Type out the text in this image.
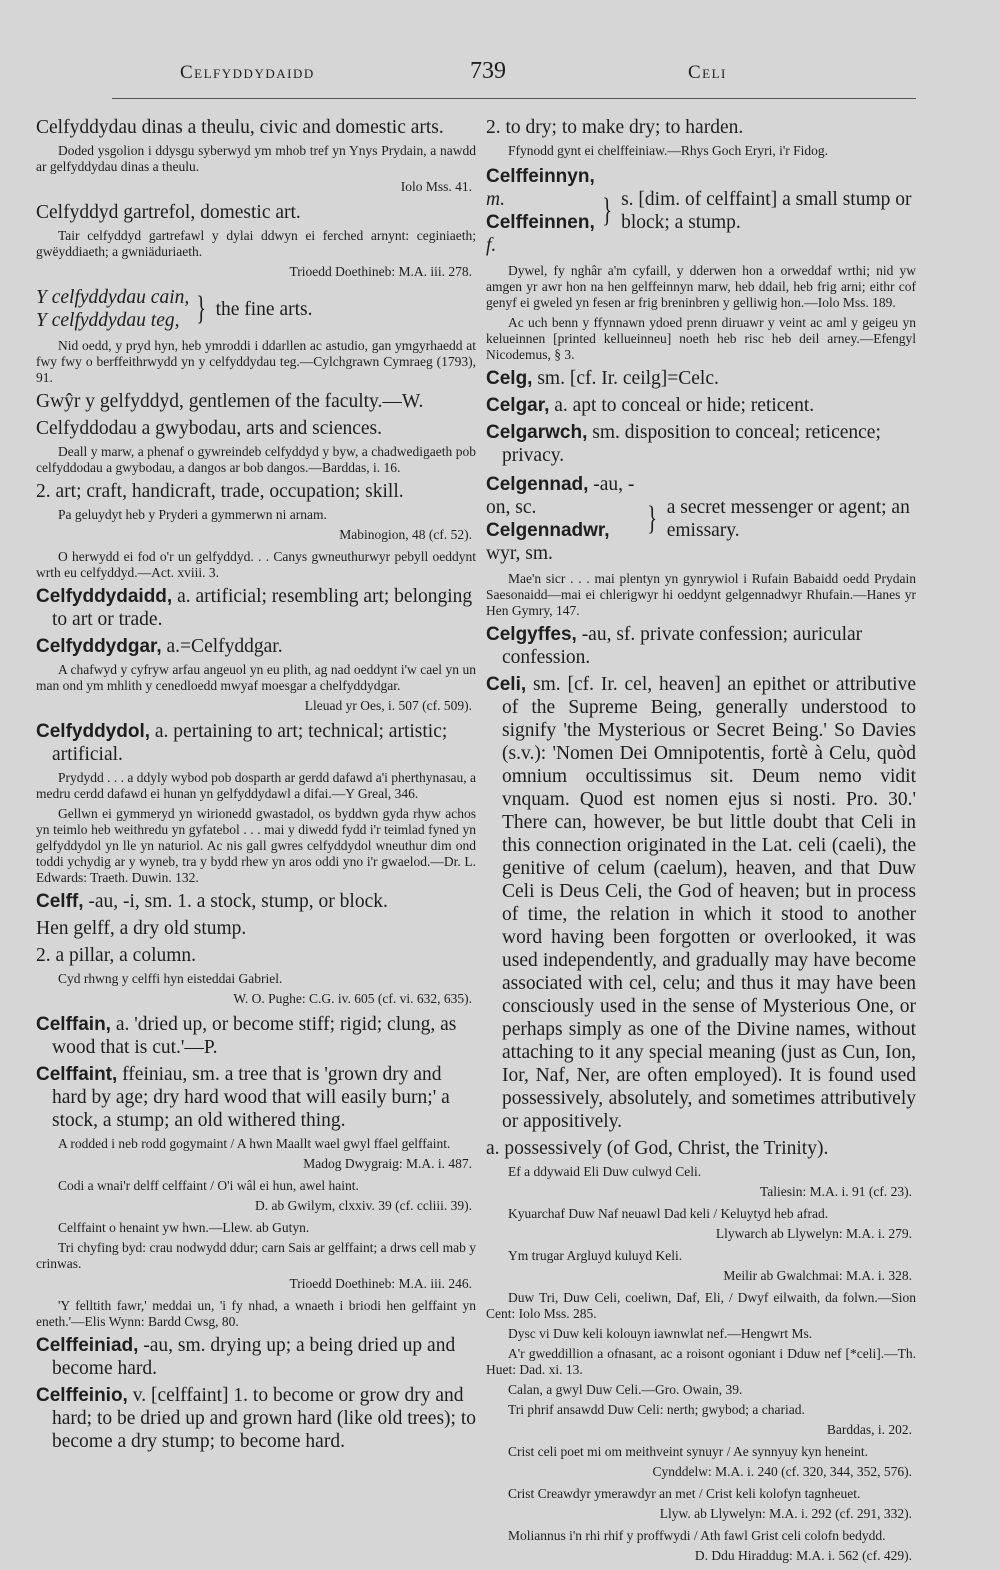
Celfyddydaidd	739	Celi

Celfyddydau dinas a theulu, civic and domestic arts.

Doded ysgolion i ddysgu syberwyd ym mhob tref yn Ynys Prydain, a nawdd ar gelfyddydau dinas a theulu.

Iolo Mss. 41.

Celfyddyd gartrefol, domestic art.

Tair celfyddyd gartrefawl y dylai ddwyn ei ferched arnynt: ceginiaeth; gwëyddiaeth; a gwniäduriaeth.

Trioedd Doethineb: M.A. iii. 278.

Y celfyddydau cain,
Y celfyddydau teg, } the fine arts.

Nid oedd, y pryd hyn, heb ymroddi i ddarllen ac astudio, gan ymgyrhaedd at fwy fwy o berffeithrwydd yn y celfyddydau teg.—Cylchgrawn Cymraeg (1793), 91.

Gwŷr y gelfyddyd, gentlemen of the faculty.—W.

Celfyddodau a gwybodau, arts and sciences.

Deall y marw, a phenaf o gywreindeb celfyddyd y byw, a chadwedigaeth pob celfyddodau a gwybodau, a dangos ar bob dangos.—Barddas, i. 16.

2. art; craft, handicraft, trade, occupation; skill.

Pa geluydyt heb y Pryderi a gymmerwn ni arnam.

Mabinogion, 48 (cf. 52).

O herwydd ei fod o'r un gelfyddyd. . . Canys gwneuthurwyr pebyll oeddynt wrth eu celfyddyd.—Act. xviii. 3.

Celfyddydaidd, a. artificial; resembling art; belonging to art or trade.

Celfyddydgar, a.=Celfyddgar.

A chafwyd y cyfryw arfau angeuol yn eu plith, ag nad oeddynt i'w cael yn un man ond ym mhlith y cenedloedd mwyaf moesgar a chelfyddydgar.

Lleuad yr Oes, i. 507 (cf. 509).

Celfyddydol, a. pertaining to art; technical; artistic; artificial.

Prydydd . . . a ddyly wybod pob dosparth ar gerdd dafawd a'i pherthynasau, a medru cerdd dafawd ei hunan yn gelfyddydawl a difai.—Y Greal, 346.

Gellwn ei gymmeryd yn wirionedd gwastadol, os byddwn gyda rhyw achos yn teimlo heb weithredu yn gyfatebol . . . mai y diwedd fydd i'r teimlad fyned yn gelfyddydol yn lle yn naturiol. Ac nis gall gwres celfyddydol wneuthur dim ond toddi ychydig ar y wyneb, tra y bydd rhew yn aros oddi yno i'r gwaelod.—Dr. L. Edwards: Traeth. Duwin. 132.

Celff, -au, -i, sm. 1. a stock, stump, or block.

Hen gelff, a dry old stump.

2. a pillar, a column.

Cyd rhwng y celffi hyn eisteddai Gabriel.

W. O. Pughe: C.G. iv. 605 (cf. vi. 632, 635).

Celffain, a. 'dried up, or become stiff; rigid; clung, as wood that is cut.'—P.

Celffaint, ffeiniau, sm. a tree that is 'grown dry and hard by age; dry hard wood that will easily burn;' a stock, a stump; an old withered thing.

A rodded i neb rodd gogymaint / A hwn Maallt wael gwyl ffael gelffaint.

Madog Dwygraig: M.A. i. 487.

Codi a wnai'r delff celffaint / O'i wâl ei hun, awel haint.

D. ab Gwilym, clxxiv. 39 (cf. ccliii. 39).

Celffaint o henaint yw hwn.—Llew. ab Gutyn.

Tri chyfing byd: crau nodwydd ddur; carn Sais ar gelffaint; a drws cell mab y crinwas.

Trioedd Doethineb: M.A. iii. 246.

'Y felltith fawr,' meddai un, 'i fy nhad, a wnaeth i briodi hen gelffaint yn eneth.'—Elis Wynn: Bardd Cwsg, 80.

Celffeiniad, -au, sm. drying up; a being dried up and become hard.

Celffeinio, v. [celffaint] 1. to become or grow dry and hard; to be dried up and grown hard (like old trees); to become a dry stump; to become hard.

2. to dry; to make dry; to harden.

Ffynodd gynt ei chelffeiniaw.—Rhys Goch Eryri, i'r Fidog.

Celffeinnyn, m.
Celffeinnen, f.
} s. [dim. of celffaint] a small stump or block; a stump.

Dywel, fy nghâr a'm cyfaill, y dderwen hon a orweddaf wrthi; nid yw amgen yr awr hon na hen gelffeinnyn marw, heb ddail, heb frig arni; eithr cof genyf ei gweled yn fesen ar frig breninbren y gelliwig hon.—Iolo Mss. 189.

Ac uch benn y ffynnawn ydoed prenn diruawr y veint ac aml y geigeu yn kelueinnen [printed kellueinneu] noeth heb risc heb deil arney.—Efengyl Nicodemus, § 3.

Celg, sm. [cf. Ir. ceilg]=Celc.

Celgar, a. apt to conceal or hide; reticent.

Celgarwch, sm. disposition to conceal; reticence; privacy.

Celgennad, -au, -on, sc.
Celgennadwr, wyr, sm.
} a secret messenger or agent; an emissary.

Mae'n sicr . . . mai plentyn yn gynrywiol i Rufain Babaidd oedd Prydain Saesonaidd—mai ei chlerigwyr hi oeddynt gelgennadwyr Rhufain.—Hanes yr Hen Gymry, 147.

Celgyffes, -au, sf. private confession; auricular confession.

Celi, sm. [cf. Ir. cel, heaven] an epithet or attributive of the Supreme Being, generally understood to signify 'the Mysterious or Secret Being.' So Davies (s.v.): 'Nomen Dei Omnipotentis, fortè à Celu, quòd omnium occultissimus sit. Deum nemo vidit vnquam. Quod est nomen ejus si nosti. Pro. 30.' There can, however, be but little doubt that Celi in this connection originated in the Lat. celi (caeli), the genitive of celum (caelum), heaven, and that Duw Celi is Deus Celi, the God of heaven; but in process of time, the relation in which it stood to another word having been forgotten or overlooked, it was used independently, and gradually may have become associated with cel, celu; and thus it may have been consciously used in the sense of Mysterious One, or perhaps simply as one of the Divine names, without attaching to it any special meaning (just as Cun, Ion, Ior, Naf, Ner, are often employed). It is found used possessively, absolutely, and sometimes attributively or appositively.

a. possessively (of God, Christ, the Trinity).

Ef a ddywaid Eli Duw culwyd Celi.

Taliesin: M.A. i. 91 (cf. 23).

Kyuarchaf Duw Naf neuawl Dad keli / Keluytyd heb afrad.

Llywarch ab Llywelyn: M.A. i. 279.

Ym trugar Argluyd kuluyd Keli.

Meilir ab Gwalchmai: M.A. i. 328.

Duw Tri, Duw Celi, coeliwn, Daf, Eli, / Dwyf eilwaith, da folwn.—Sion Cent: Iolo Mss. 285.

Dysc vi Duw keli kolouyn iawnwlat nef.—Hengwrt Ms.

A'r gweddillion a ofnasant, ac a roisont ogoniant i Dduw nef [*celi].—Th. Huet: Dad. xi. 13.

Calan, a gwyl Duw Celi.—Gro. Owain, 39.

Tri phrif ansawdd Duw Celi: nerth; gwybod; a chariad.

Barddas, i. 202.

Crist celi poet mi om meithveint synuyr / Ae synnyuy kyn heneint.

Cynddelw: M.A. i. 240 (cf. 320, 344, 352, 576).

Crist Creawdyr ymerawdyr an met / Crist keli kolofyn tagnheuet.

Llyw. ab Llywelyn: M.A. i. 292 (cf. 291, 332).

Moliannus i'n rhi rhif y proffwydi / Ath fawl Grist celi colofn bedydd.

D. Ddu Hiraddug: M.A. i. 562 (cf. 429).
